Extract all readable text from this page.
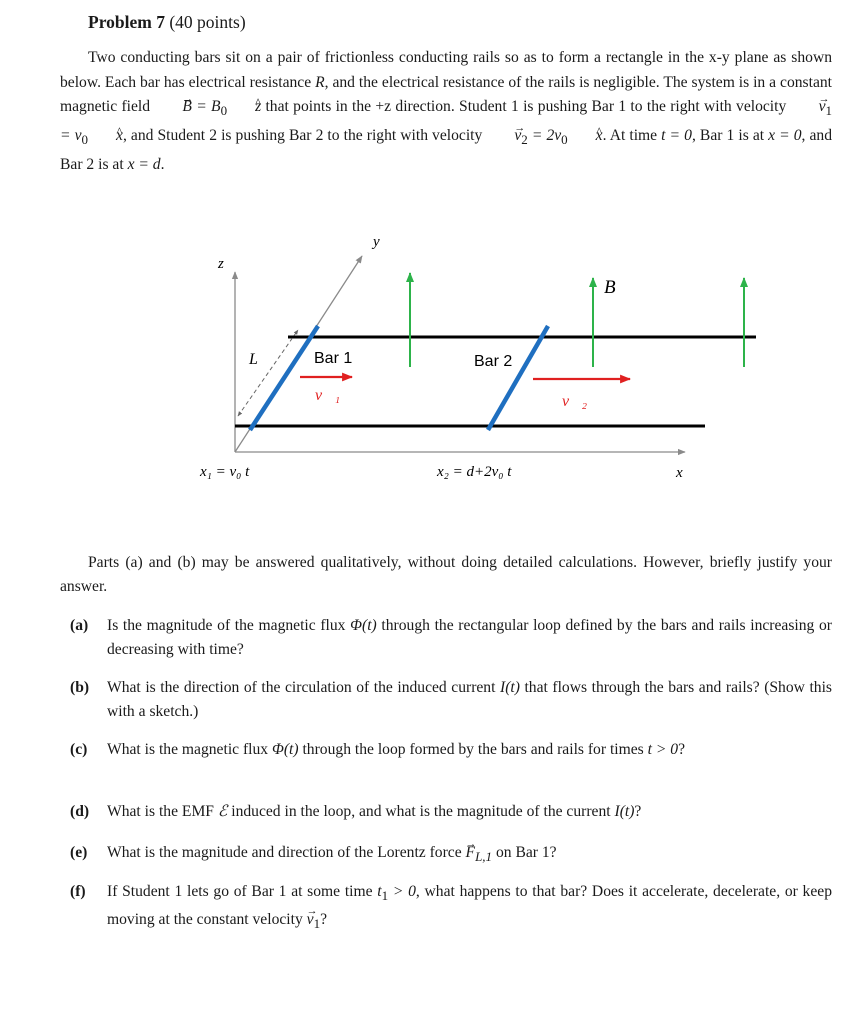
Problem 7 (40 points)
Two conducting bars sit on a pair of frictionless conducting rails so as to form a rectangle in the x-y plane as shown below. Each bar has electrical resistance R, and the electrical resistance of the rails is negligible. The system is in a constant magnetic field → $B = B_0\^{}$ z that points in the +z direction. Student 1 is pushing Bar 1 to the right with velocity → $v_1$ = $v_0\^{}$ x, and Student 2 is pushing Bar 2 to the right with velocity → $v_2$ = $2v_0\^{}$ x. At time t = 0, Bar 1 is at x = 0, and Bar 2 is at x = d.
z
y
x
L	Bar 1	Bar 2
v⃗₁	v⃗₂
B⃗
x₁ = v₀ t	x₂ = d+2v₀ t
Parts (a) and (b) may be answered qualitatively, without doing detailed calculations. However, briefly justify your answer.
(a) Is the magnitude of the magnetic flux Φ(t) through the rectangular loop defined by the bars and rails increasing or decreasing with time?
(b) What is the direction of the circulation of the induced current I(t) that flows through the bars and rails? (Show this with a sketch.)
(c) What is the magnetic flux Φ(t) through the loop formed by the bars and rails for times t > 0?
(d) What is the EMF ℰ induced in the loop, and what is the magnitude of the current I(t)?
(e) What is the magnitude and direction of the Lorentz force → $F_{L,1}$ on Bar 1?
(f) If Student 1 lets go of Bar 1 at some time $t_1 > 0$, what happens to that bar? Does it accelerate, decelerate, or keep moving at the constant velocity → $v_1$?
